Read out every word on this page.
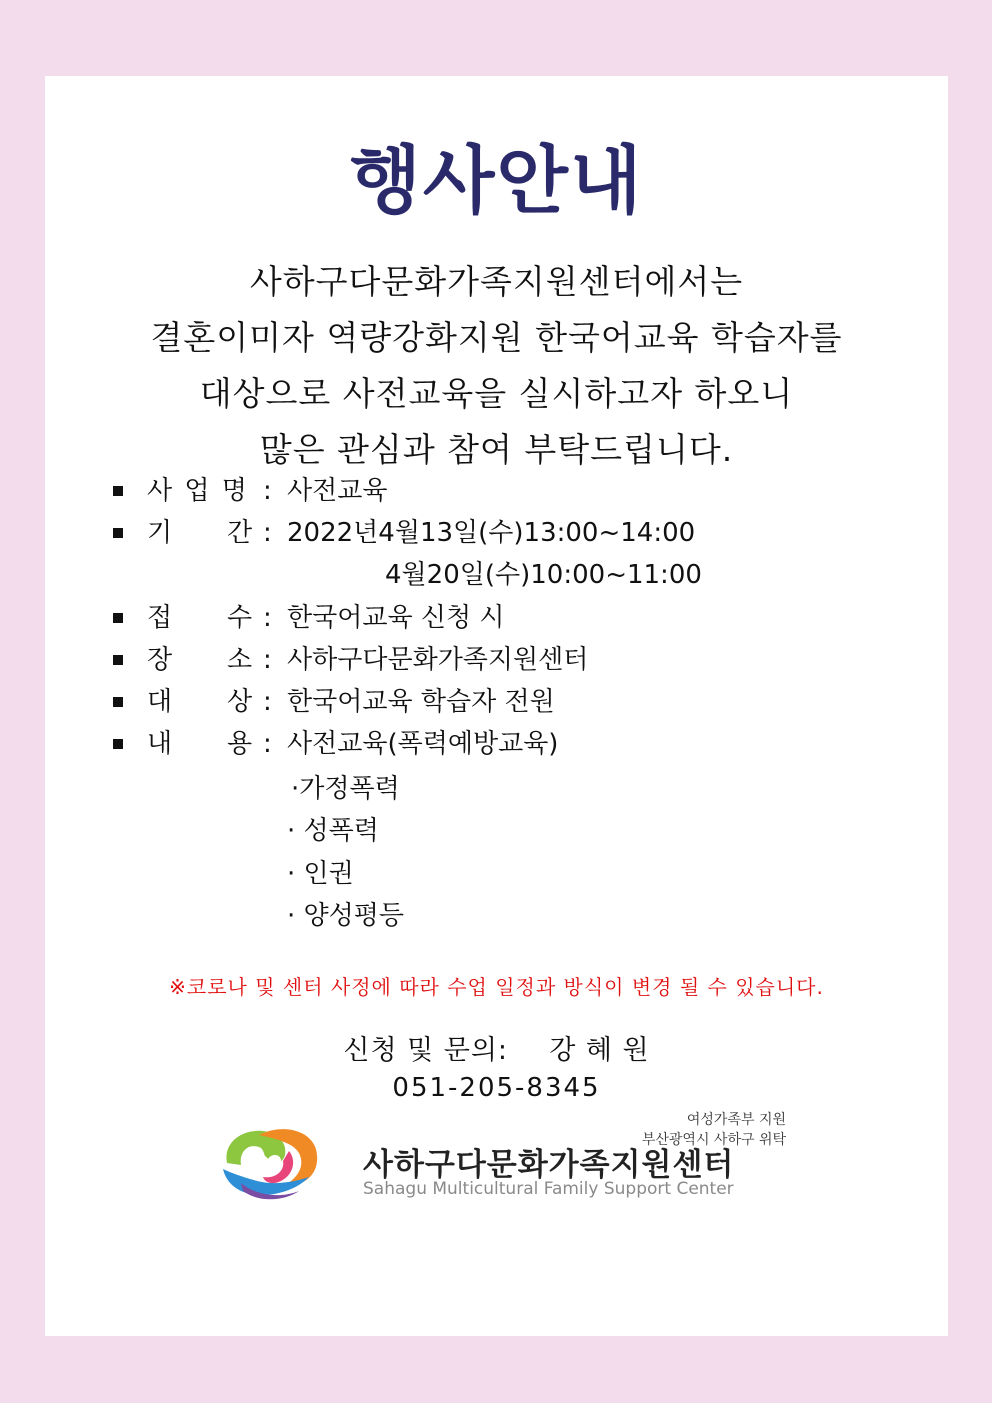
행사안내
사하구다문화가족지원센터에서는
결혼이미자 역량강화지원 한국어교육 학습자를
대상으로 사전교육을 실시하고자 하오니
많은 관심과 참여 부탁드립니다.
사 업 명 : 사전교육
기 간 : 2022년4월13일(수)13:00~14:00
4월20일(수)10:00~11:00
접 수 : 한국어교육 신청 시
장 소 : 사하구다문화가족지원센터
대 상 : 한국어교육 학습자 전원
내 용 : 사전교육(폭력예방교육)
·가정폭력
· 성폭력
· 인권
· 양성평등
※코로나 및 센터 사정에 따라 수업 일정과 방식이 변경 될 수 있습니다.
신청 및 문의: 강 혜 원
051-205-8345
여성가족부 지원
부산광역시 사하구 위탁
사하구다문화가족지원센터
Sahagu Multicultural Family Support Center
